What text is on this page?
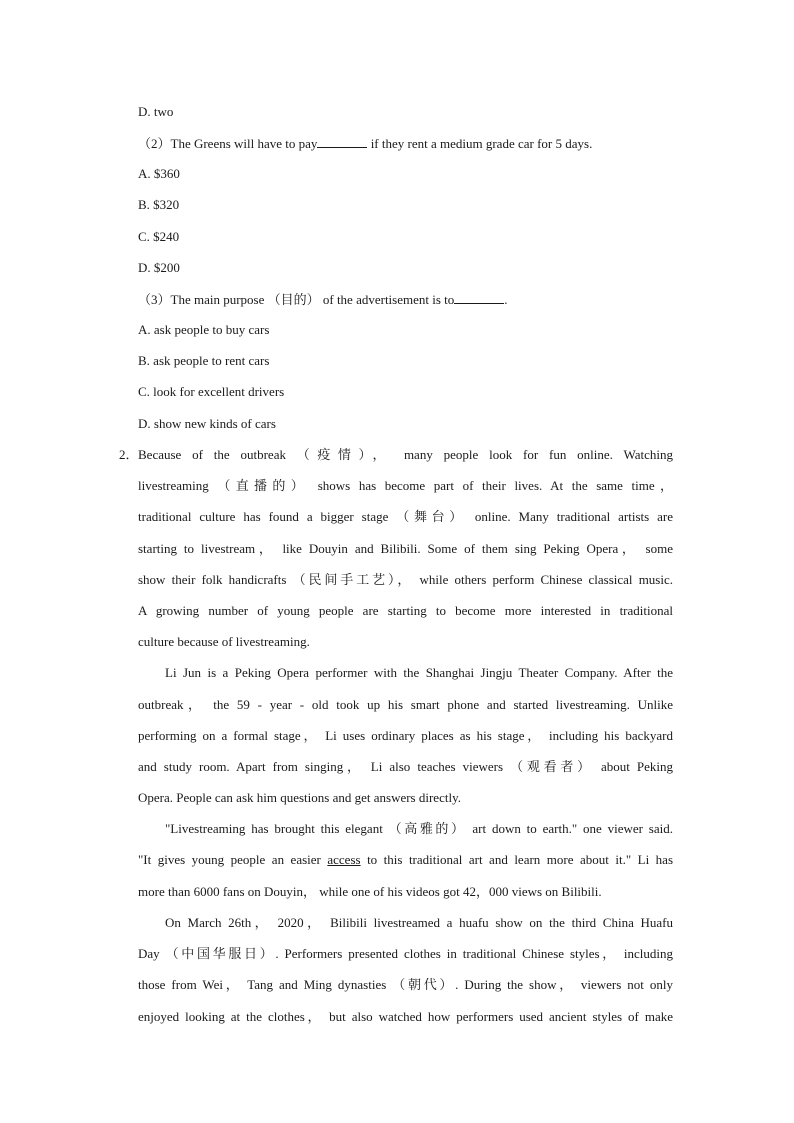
D. two
（2）The Greens will have to pay	if they rent a medium grade car for 5 days.
A. $360
B. $320
C. $240
D. $200
（3）The main purpose （目的） of the advertisement is to	.
A. ask people to buy cars
B. ask people to rent cars
C. look for excellent drivers
D. show new kinds of cars
2． Because of the outbreak （疫情）， many people look for fun online. Watching
livestreaming （直播的） shows has become part of their lives. At the same time，
traditional culture has found a bigger stage （舞台） online. Many traditional artists are
starting to livestream， like Douyin and Bilibili. Some of them sing Peking Opera， some
show their folk handicrafts （民间手工艺）， while others perform Chinese classical music.
A growing number of young people are starting to become more interested in traditional
culture because of livestreaming.
Li Jun is a Peking Opera performer with the Shanghai Jingju Theater Company. After the
outbreak， the 59 - year - old took up his smart phone and started livestreaming. Unlike
performing on a formal stage， Li uses ordinary places as his stage， including his backyard
and study room. Apart from singing， Li also teaches viewers （观看者） about Peking
Opera. People can ask him questions and get answers directly.
"Livestreaming has brought this elegant （高雅的） art down to earth." one viewer said.
"It gives young people an easier access to this traditional art and learn more about it." Li has
more than 6000 fans on Douyin， while one of his videos got 42，000 views on Bilibili.
On March 26th， 2020， Bilibili livestreamed a huafu show on the third China Huafu
Day （中国华服日）. Performers presented clothes in traditional Chinese styles， including
those from Wei， Tang and Ming dynasties （朝代）. During the show， viewers not only
enjoyed looking at the clothes， but also watched how performers used ancient styles of make
